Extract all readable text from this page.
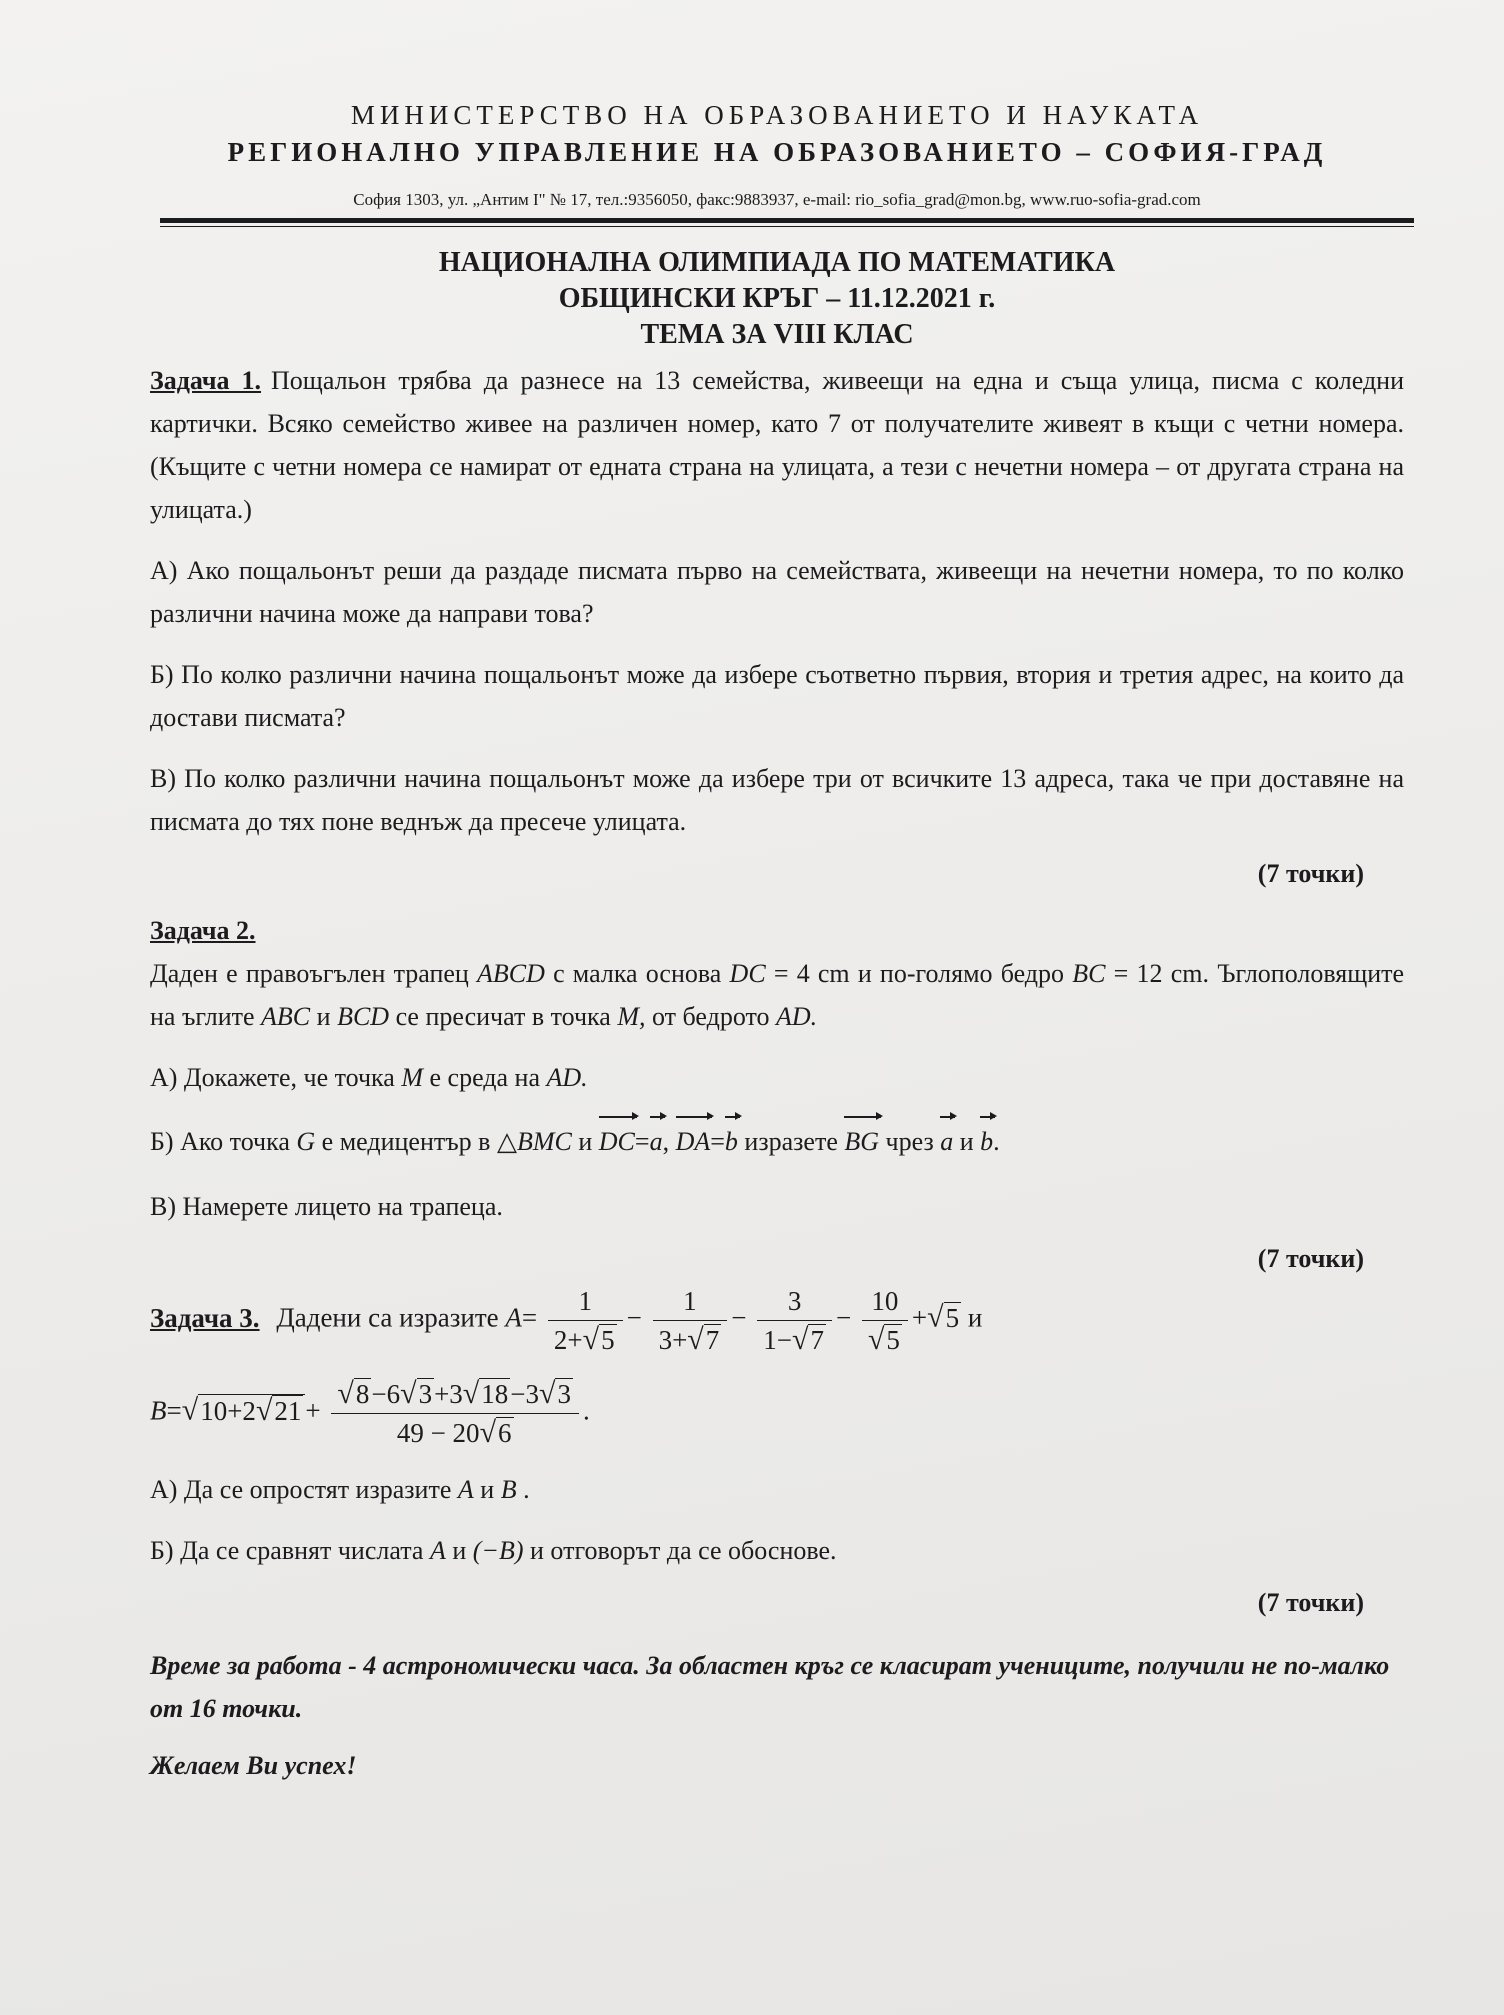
МИНИСТЕРСТВО НА ОБРАЗОВАНИЕТО И НАУКАТА

РЕГИОНАЛНО УПРАВЛЕНИЕ НА ОБРАЗОВАНИЕТО – СОФИЯ-ГРАД

София 1303, ул. „Антим I" № 17, тел.:9356050, факс:9883937, e-mail: rio_sofia_grad@mon.bg, www.ruo-sofia-grad.com

НАЦИОНАЛНА ОЛИМПИАДА ПО МАТЕМАТИКА

ОБЩИНСКИ КРЪГ – 11.12.2021 г.

ТЕМА ЗА VIII КЛАС

Задача 1. Пощальон трябва да разнесе на 13 семейства, живеещи на една и съща улица, писма с коледни картички. Всяко семейство живее на различен номер, като 7 от получателите живеят в къщи с четни номера. (Къщите с четни номера се намират от едната страна на улицата, а тези с нечетни номера – от другата страна на улицата.)

А) Ако пощальонът реши да раздаде писмата първо на семействата, живеещи на нечетни номера, то по колко различни начина може да направи това?

Б) По колко различни начина пощальонът може да избере съответно първия, втория и третия адрес, на които да достави писмата?

В) По колко различни начина пощальонът може да избере три от всичките 13 адреса, така че при доставяне на писмата до тях поне веднъж да пресече улицата.

(7 точки)

Задача 2.

Даден е правоъгълен трапец ABCD с малка основа DC = 4 cm и по-голямо бедро BC = 12 cm. Ъглополовящите на ъглите ABC и BCD се пресичат в точка M, от бедрото AD.

А) Докажете, че точка M е среда на AD.

Б) Ако точка G е медицентър в △BMC и DC=a, DA=b изразете BG чрез a и b.

В) Намерете лицето на трапеца.

(7 точки)

Задача 3. Дадени са изразите $A= \frac{1}{2+√5} - \frac{1}{3+√7} - \frac{3}{1-√7} - \frac{10}{√5} +√5$ и

$B=√10+2√21 + \frac{√8-6√3+3√18-3√3}{49 - 20√6}$ .

А) Да се опростят изразите A и B .

Б) Да се сравнят числата A и (−B) и отговорът да се обоснове.

(7 точки)

Време за работа - 4 астрономически часа. За областен кръг се класират учениците, получили не по-малко от 16 точки.

Желаем Ви успех!
